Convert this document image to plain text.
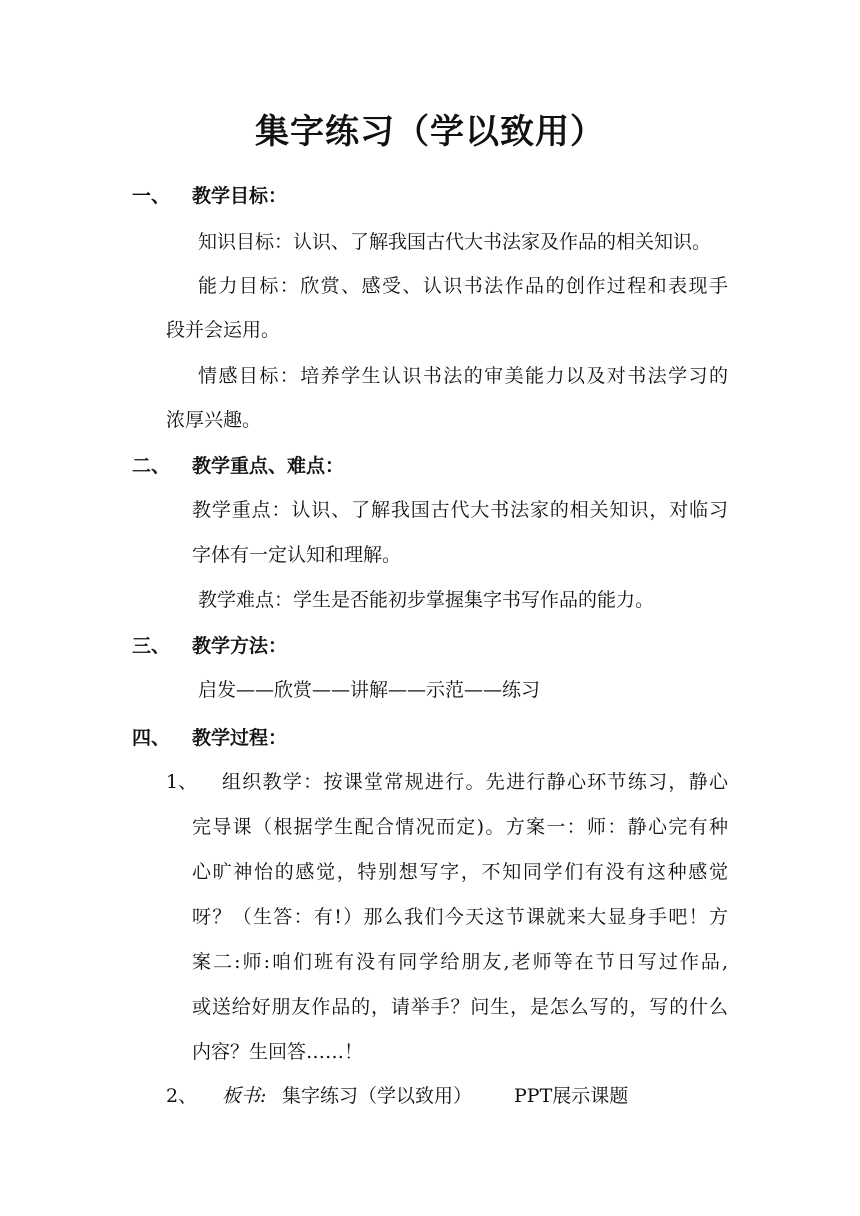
集字练习（学以致用）
一、 教学目标：
知识目标：认识、了解我国古代大书法家及作品的相关知识。
能力目标：欣赏、感受、认识书法作品的创作过程和表现手
段并会运用。
情感目标：培养学生认识书法的审美能力以及对书法学习的
浓厚兴趣。
二、 教学重点、难点：
教学重点：认识、了解我国古代大书法家的相关知识，对临习
字体有一定认知和理解。
教学难点：学生是否能初步掌握集字书写作品的能力。
三、 教学方法：
启发——欣赏——讲解——示范——练习
四、 教学过程：
1、 组织教学：按课堂常规进行。先进行静心环节练习，静心
完导课（根据学生配合情况而定)。方案一：师：静心完有种
心旷神怡的感觉，特别想写字，不知同学们有没有这种感觉
呀？（生答：有!）那么我们今天这节课就来大显身手吧！方
案二:师:咱们班有没有同学给朋友,老师等在节日写过作品,
或送给好朋友作品的，请举手？问生，是怎么写的，写的什么
内容？生回答……！
2、 板书: 集字练习（学以致用） PPT展示课题
